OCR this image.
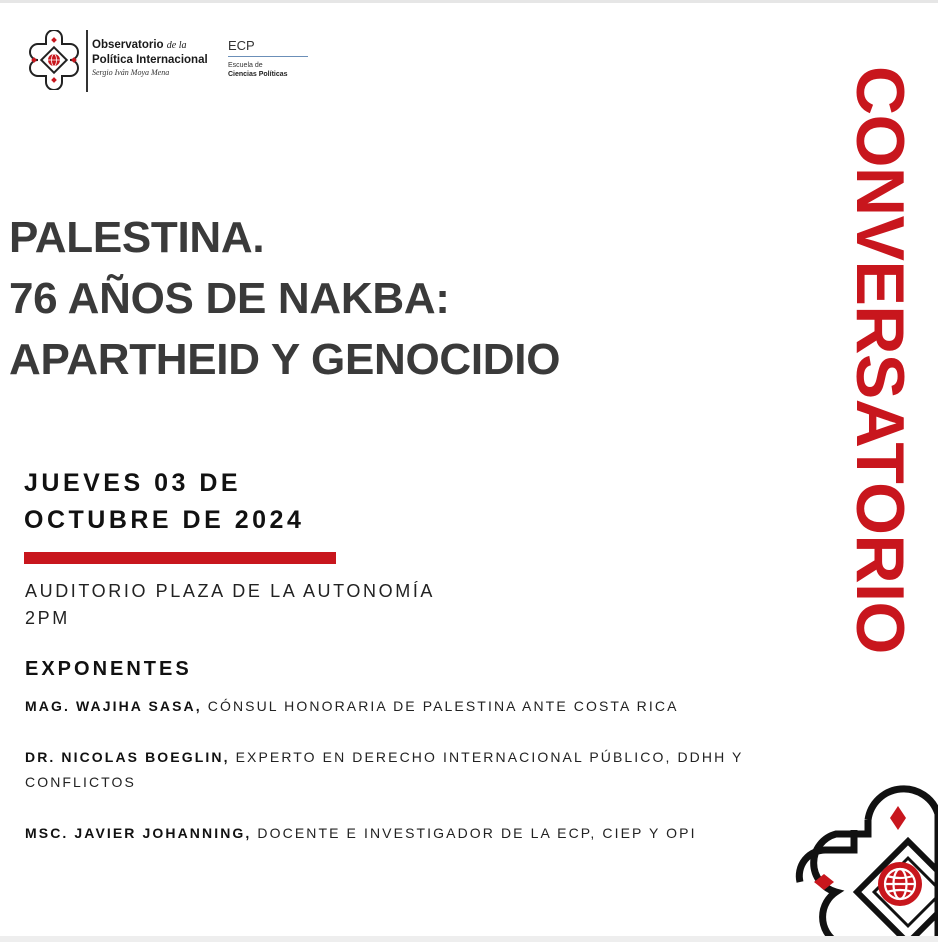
Observatorio de la
Política Internacional
Sergio Iván Moya Mena
ECP
Escuela de
Ciencias Políticas
PALESTINA.
76 AÑOS DE NAKBA:
APARTHEID Y GENOCIDIO
JUEVES 03 DE
OCTUBRE DE 2024
AUDITORIO PLAZA DE LA AUTONOMÍA
2PM
EXPONENTES
MAG. WAJIHA SASA, CÓNSUL HONORARIA DE PALESTINA ANTE COSTA RICA
DR. NICOLAS BOEGLIN, EXPERTO EN DERECHO INTERNACIONAL PÚBLICO, DDHH Y CONFLICTOS
MSC. JAVIER JOHANNING, DOCENTE E INVESTIGADOR DE LA ECP, CIEP Y OPI
CONVERSATORIO
